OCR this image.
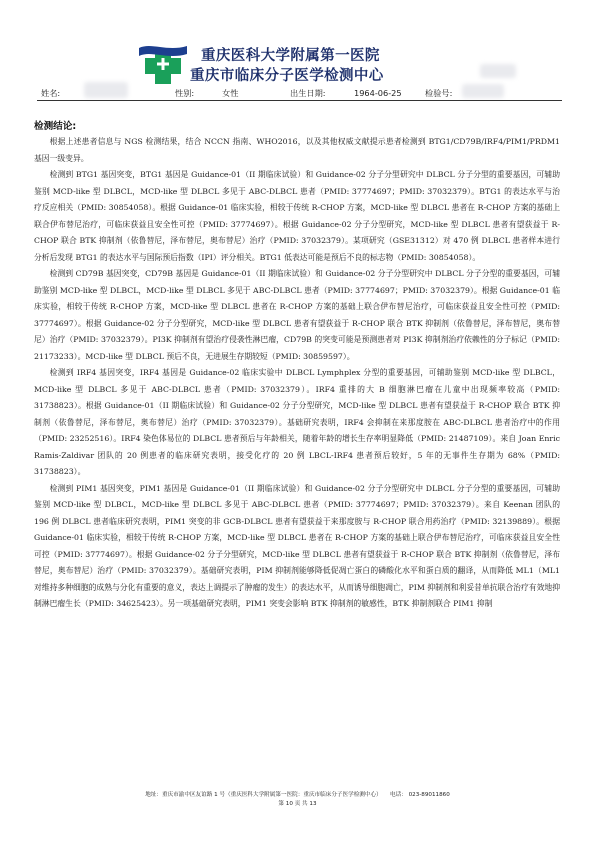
重庆医科大学附属第一医院
重庆市临床分子医学检测中心
姓名:	性别:	女性	出生日期:	1964-06-25	检验号:
检测结论:

根据上述患者信息与 NGS 检测结果，结合 NCCN 指南、WHO2016，以及其他权威文献提示患者检测到 BTG1/CD79B/IRF4/PIM1/PRDM1 基因一级变异。

检测到 BTG1 基因突变，BTG1 基因是 Guidance-01（II 期临床试验）和 Guidance-02 分子分型研究中 DLBCL 分子分型的重要基因，可辅助鉴别 MCD-like 型 DLBCL，MCD-like 型 DLBCL 多见于 ABC-DLBCL 患者（PMID: 37774697；PMID: 37032379）。BTG1 的表达水平与治疗反应相关（PMID: 30854058）。根据 Guidance-01 临床实验，相较于传统 R-CHOP 方案，MCD-like 型 DLBCL 患者在 R-CHOP 方案的基础上联合伊布替尼治疗，可临床获益且安全性可控（PMID: 37774697）。根据 Guidance-02 分子分型研究，MCD-like 型 DLBCL 患者有望获益于 R-CHOP 联合 BTK 抑制剂（依鲁替尼，泽布替尼，奥布替尼）治疗（PMID: 37032379）。某项研究（GSE31312）对 470 例 DLBCL 患者样本进行分析后发现 BTG1 的表达水平与国际预后指数（IPI）评分相关。BTG1 低表达可能是预后不良的标志物（PMID: 30854058）。

检测到 CD79B 基因突变，CD79B 基因是 Guidance-01（II 期临床试验）和 Guidance-02 分子分型研究中 DLBCL 分子分型的重要基因，可辅助鉴别 MCD-like 型 DLBCL，MCD-like 型 DLBCL 多见于 ABC-DLBCL 患者（PMID: 37774697；PMID: 37032379）。根据 Guidance-01 临床实验，相较于传统 R-CHOP 方案，MCD-like 型 DLBCL 患者在 R-CHOP 方案的基础上联合伊布替尼治疗，可临床获益且安全性可控（PMID: 37774697）。根据 Guidance-02 分子分型研究，MCD-like 型 DLBCL 患者有望获益于 R-CHOP 联合 BTK 抑制剂（依鲁替尼，泽布替尼，奥布替尼）治疗（PMID: 37032379）。PI3K 抑制剂有望治疗侵袭性淋巴瘤，CD79B 的突变可能是预测患者对 PI3K 抑制剂治疗依赖性的分子标记（PMID: 21173233）。MCD-like 型 DLBCL 预后不良，无进展生存期较短（PMID: 30859597）。

检测到 IRF4 基因突变，IRF4 基因是 Guidance-02 临床实验中 DLBCL Lymphplex 分型的重要基因，可辅助鉴别 MCD-like 型 DLBCL，MCD-like 型 DLBCL 多见于 ABC-DLBCL 患者（PMID: 37032379）。IRF4 重排的大 B 细胞淋巴瘤在儿童中出现频率较高（PMID: 31738823）。根据 Guidance-01（II 期临床试验）和 Guidance-02 分子分型研究，MCD-like 型 DLBCL 患者有望获益于 R-CHOP 联合 BTK 抑制剂（依鲁替尼，泽布替尼，奥布替尼）治疗（PMID: 37032379）。基础研究表明，IRF4 会抑制在来那度胺在 ABC-DLBCL 患者治疗中的作用（PMID: 23252516）。IRF4 染色体易位的 DLBCL 患者预后与年龄相关，随着年龄的增长生存率明显降低（PMID: 21487109）。来自 Joan Enric Ramis-Zaldivar 团队的 20 例患者的临床研究表明，接受化疗的 20 例 LBCL-IRF4 患者预后较好，5 年的无事件生存期为 68%（PMID: 31738823）。

检测到 PIM1 基因突变，PIM1 基因是 Guidance-01（II 期临床试验）和 Guidance-02 分子分型研究中 DLBCL 分子分型的重要基因，可辅助鉴别 MCD-like 型 DLBCL，MCD-like 型 DLBCL 多见于 ABC-DLBCL 患者（PMID: 37774697；PMID: 37032379）。来自 Keenan 团队的 196 例 DLBCL 患者临床研究表明，PIM1 突变的非 GCB-DLBCL 患者有望获益于来那度胺与 R-CHOP 联合用药治疗（PMID: 32139889）。根据 Guidance-01 临床实验，相较于传统 R-CHOP 方案，MCD-like 型 DLBCL 患者在 R-CHOP 方案的基础上联合伊布替尼治疗，可临床获益且安全性可控（PMID: 37774697）。根据 Guidance-02 分子分型研究，MCD-like 型 DLBCL 患者有望获益于 R-CHOP 联合 BTK 抑制剂（依鲁替尼，泽布替尼，奥布替尼）治疗（PMID: 37032379）。基础研究表明，PIM 抑制剂能够降低促凋亡蛋白的磷酸化水平和蛋白质的翻译，从而降低 ML1（ML1 对维持多种细胞的成熟与分化有重要的意义，表达上调提示了肿瘤的发生）的表达水平，从而诱导细胞凋亡，PIM 抑制剂和利妥昔单抗联合治疗有效地抑制淋巴瘤生长（PMID: 34625423）。另一项基础研究表明，PIM1 突变会影响 BTK 抑制剂的敏感性，BTK 抑制剂联合 PIM1 抑制

地址：重庆市渝中区友谊路 1 号（重庆医科大学附属第一医院：重庆市临床分子医学检测中心）　　电话： 023-89011860
第 10 页 共 13
